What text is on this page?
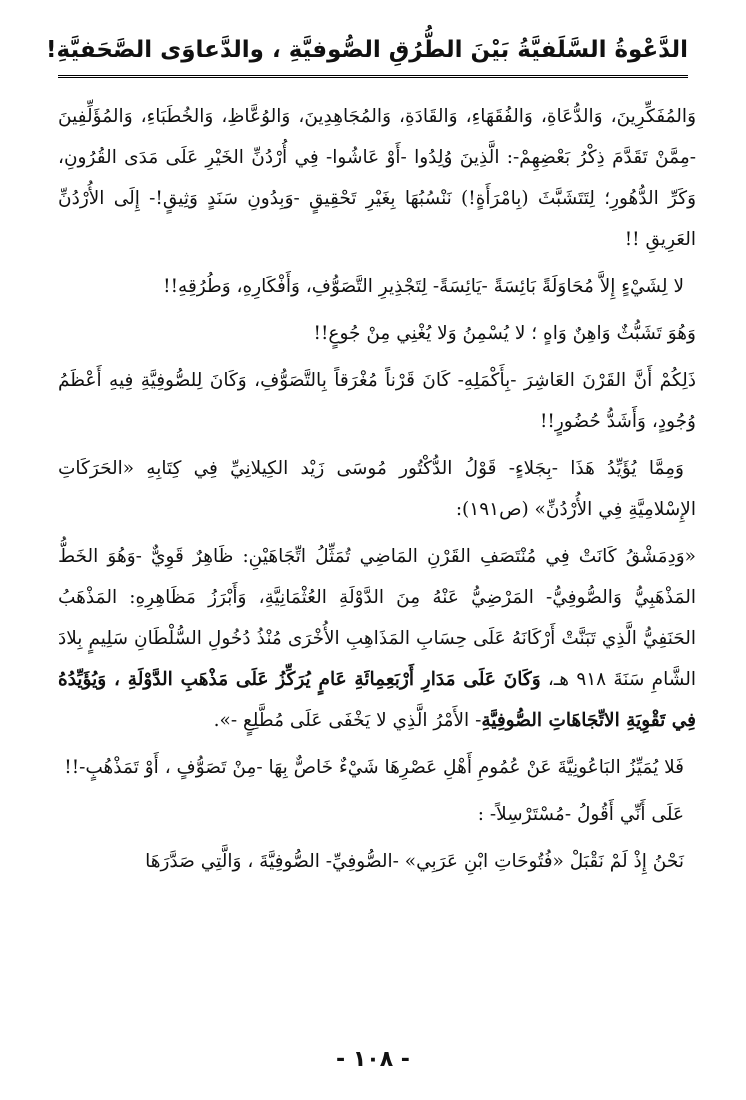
الدَّعْوةُ السَّلَفيَّةُ بَيْنَ الطُّرُقِ الصُّوفيَّةِ ، والدَّعاوَى الصَّحَفيَّةِ!

وَالمُفَكِّرِينَ، وَالدُّعَاةِ، وَالفُقَهَاءِ، وَالقَادَةِ، وَالمُجَاهِدِينَ، وَالوُعَّاظِ، وَالخُطَبَاءِ، وَالمُؤَلِّفِينَ -مِمَّنْ تَقَدَّمَ ذِكْرُ بَعْضِهِمْ-: الَّذِينَ وُلِدُوا -أَوْ عَاشُوا- فِي أُرْدُنِّ الخَيْرِ عَلَى مَدَى القُرُونِ، وَكَرِّ الدُّهُورِ؛ لِتَتَشَبَّثَ (بِامْرَأَةٍ!) نَنْسُبُهَا بِغَيْرِ تَحْقِيقٍ -وَبِدُونِ سَنَدٍ وَثِيقٍ!- إِلَى الأُرْدُنِّ العَرِيقِ !!

لا لِشَيْءٍ إِلاَّ مُحَاوَلَةً بَائِسَةً -يَائِسَةً- لِتَجْذِيرِ التَّصَوُّفِ، وَأَفْكَارِهِ، وَطُرُقِهِ!!

وَهُوَ تَشَبُّثٌ وَاهِنٌ وَاهٍ ؛ لا يُسْمِنُ وَلا يُغْنِي مِنْ جُوعٍ!!

ذَلِكُمْ أَنَّ القَرْنَ العَاشِرَ -بِأَكْمَلِهِ- كَانَ قَرْناً مُغْرَقاً بِالتَّصَوُّفِ، وَكَانَ لِلصُّوفِيَّةِ فِيهِ أَعْظَمُ وُجُودٍ، وَأَشَدُّ حُضُورٍ!!

وَمِمَّا يُؤَيِّدُ هَذَا -بِجَلاءٍ- قَوْلُ الدُّكْتُور مُوسَى زَيْد الكِيلانِيِّ فِي كِتَابِهِ «الحَرَكَاتِ الإِسْلامِيَّةِ فِي الأُرْدُنِّ» (ص١٩١):

«وَدِمَشْقُ كَانَتْ فِي مُنْتَصَفِ القَرْنِ المَاضِي تُمَثِّلُ اتِّجَاهَيْنِ: ظَاهِرٌ قَوِيٌّ -وَهُوَ الخَطُّ المَذْهَبِيُّ وَالصُّوفِيُّ- المَرْضِيُّ عَنْهُ مِنَ الدَّوْلَةِ العُثْمَانِيَّةِ، وَأَبْرَزُ مَظَاهِرِهِ: المَذْهَبُ الحَنَفِيُّ الَّذِي تَبَنَّتْ أَرْكَانَهُ عَلَى حِسَابِ المَذَاهِبِ الأُخْرَى مُنْذُ دُخُولِ السُّلْطَانِ سَلِيمٍ بِلادَ الشَّامِ سَنَةَ ٩١٨ هـ، وَكَانَ عَلَى مَدَارِ أَرْبَعِمِائَةِ عَامٍ يُرَكِّزُ عَلَى مَذْهَبِ الدَّوْلَةِ ، وَيُؤَيِّدُهُ فِي تَقْوِيَةِ الاتِّجَاهَاتِ الصُّوفِيَّةِ- الأَمْرُ الَّذِي لا يَخْفَى عَلَى مُطَّلِعٍ -».

فَلا يُمَيِّزُ البَاعُونِيَّةَ عَنْ عُمُومِ أَهْلِ عَصْرِهَا شَيْءٌ خَاصٌّ بِهَا -مِنْ تَصَوُّفٍ ، أَوْ تَمَذْهُبٍ-!!

عَلَى أَنِّي أَقُولُ -مُسْتَرْسِلاً- :

نَحْنُ إِذْ لَمْ نَقْبَلْ «فُتُوحَاتِ ابْنِ عَرَبِي» -الصُّوفِيِّ- الصُّوفِيَّةَ ، وَالَّتِي صَدَّرَهَا

- ١٠٨ -
